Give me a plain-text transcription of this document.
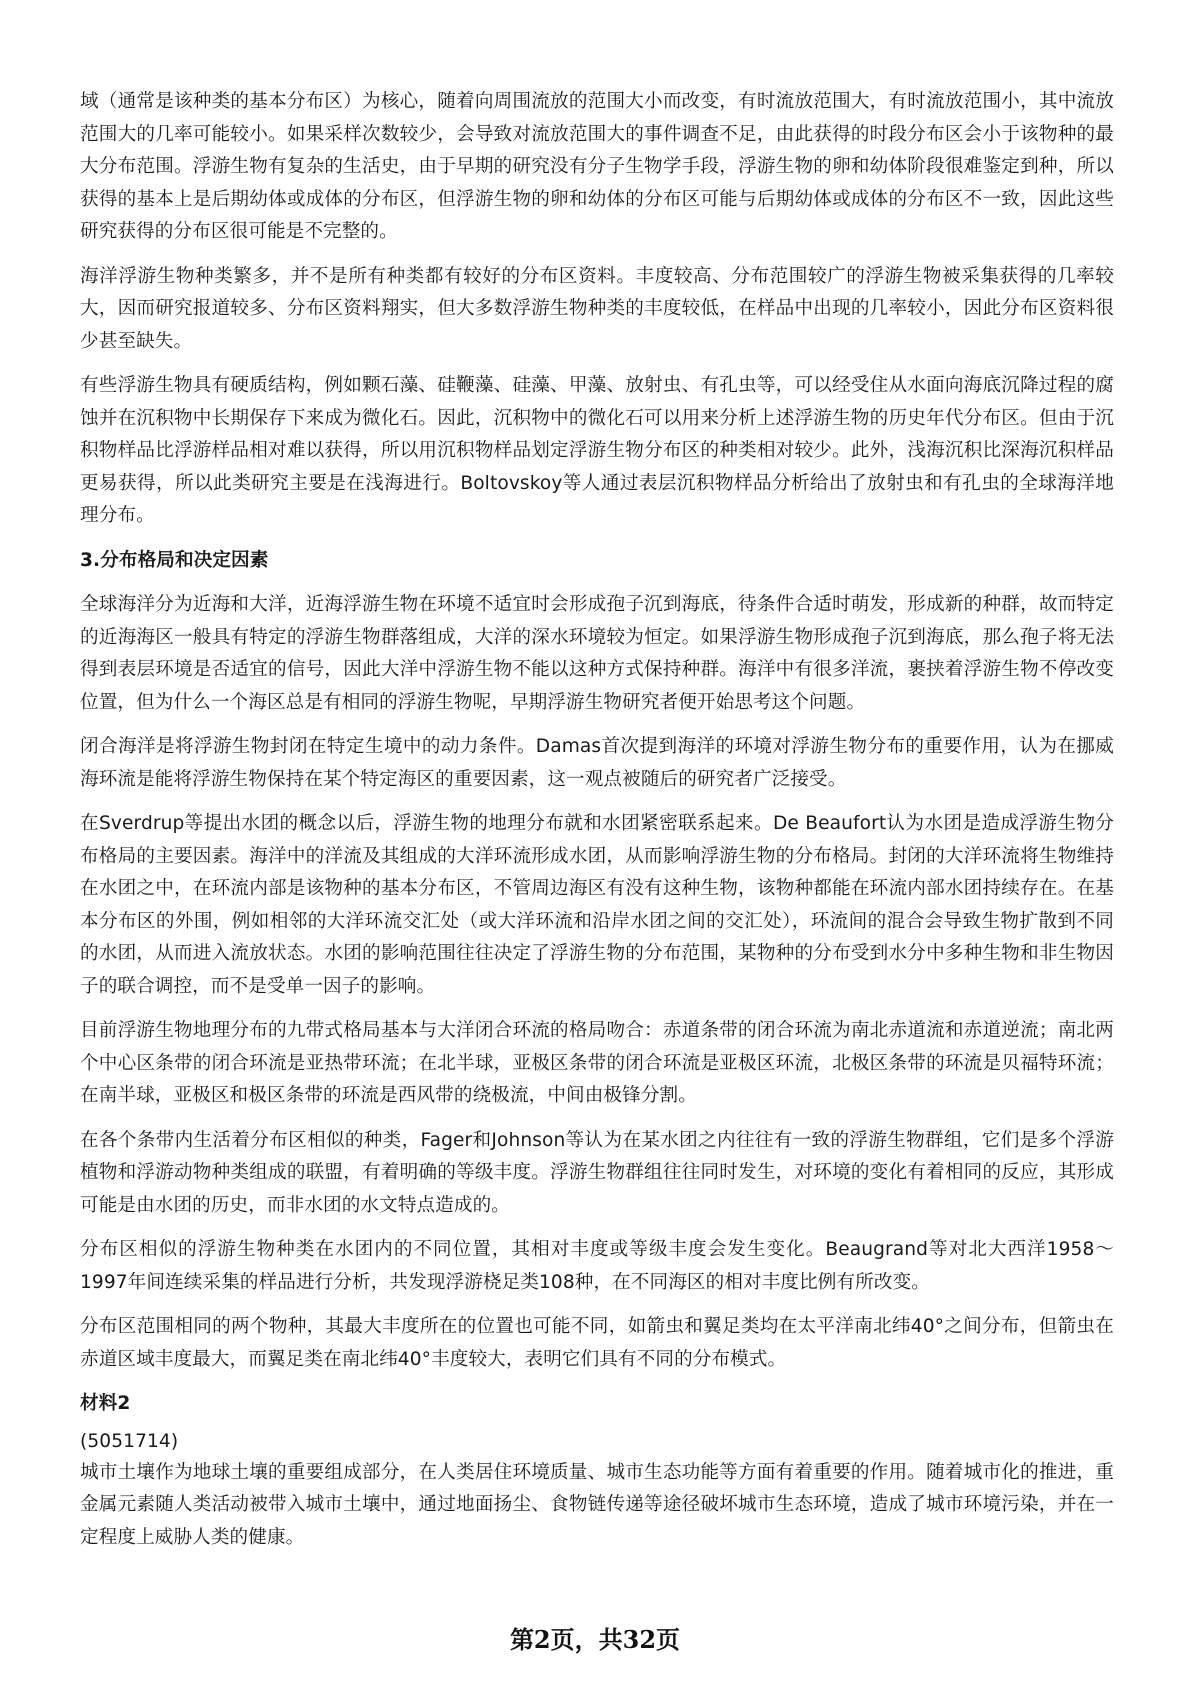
域（通常是该种类的基本分布区）为核心，随着向周围流放的范围大小而改变，有时流放范围大，有时流放范围小，其中流放范围大的几率可能较小。如果采样次数较少，会导致对流放范围大的事件调查不足，由此获得的时段分布区会小于该物种的最大分布范围。浮游生物有复杂的生活史，由于早期的研究没有分子生物学手段，浮游生物的卵和幼体阶段很难鉴定到种，所以获得的基本上是后期幼体或成体的分布区，但浮游生物的卵和幼体的分布区可能与后期幼体或成体的分布区不一致，因此这些研究获得的分布区很可能是不完整的。

海洋浮游生物种类繁多，并不是所有种类都有较好的分布区资料。丰度较高、分布范围较广的浮游生物被采集获得的几率较大，因而研究报道较多、分布区资料翔实，但大多数浮游生物种类的丰度较低，在样品中出现的几率较小，因此分布区资料很少甚至缺失。

有些浮游生物具有硬质结构，例如颗石藻、硅鞭藻、硅藻、甲藻、放射虫、有孔虫等，可以经受住从水面向海底沉降过程的腐蚀并在沉积物中长期保存下来成为微化石。因此，沉积物中的微化石可以用来分析上述浮游生物的历史年代分布区。但由于沉积物样品比浮游样品相对难以获得，所以用沉积物样品划定浮游生物分布区的种类相对较少。此外，浅海沉积比深海沉积样品更易获得，所以此类研究主要是在浅海进行。Boltovskoy等人通过表层沉积物样品分析给出了放射虫和有孔虫的全球海洋地理分布。

3.分布格局和决定因素

全球海洋分为近海和大洋，近海浮游生物在环境不适宜时会形成孢子沉到海底，待条件合适时萌发，形成新的种群，故而特定的近海海区一般具有特定的浮游生物群落组成，大洋的深水环境较为恒定。如果浮游生物形成孢子沉到海底，那么孢子将无法得到表层环境是否适宜的信号，因此大洋中浮游生物不能以这种方式保持种群。海洋中有很多洋流，裹挟着浮游生物不停改变位置，但为什么一个海区总是有相同的浮游生物呢，早期浮游生物研究者便开始思考这个问题。

闭合海洋是将浮游生物封闭在特定生境中的动力条件。Damas首次提到海洋的环境对浮游生物分布的重要作用，认为在挪威海环流是能将浮游生物保持在某个特定海区的重要因素，这一观点被随后的研究者广泛接受。

在Sverdrup等提出水团的概念以后，浮游生物的地理分布就和水团紧密联系起来。De Beaufort认为水团是造成浮游生物分布格局的主要因素。海洋中的洋流及其组成的大洋环流形成水团，从而影响浮游生物的分布格局。封闭的大洋环流将生物维持在水团之中，在环流内部是该物种的基本分布区，不管周边海区有没有这种生物，该物种都能在环流内部水团持续存在。在基本分布区的外围，例如相邻的大洋环流交汇处（或大洋环流和沿岸水团之间的交汇处），环流间的混合会导致生物扩散到不同的水团，从而进入流放状态。水团的影响范围往往决定了浮游生物的分布范围，某物种的分布受到水分中多种生物和非生物因子的联合调控，而不是受单一因子的影响。

目前浮游生物地理分布的九带式格局基本与大洋闭合环流的格局吻合：赤道条带的闭合环流为南北赤道流和赤道逆流；南北两个中心区条带的闭合环流是亚热带环流；在北半球，亚极区条带的闭合环流是亚极区环流，北极区条带的环流是贝福特环流；在南半球，亚极区和极区条带的环流是西风带的绕极流，中间由极锋分割。

在各个条带内生活着分布区相似的种类，Fager和Johnson等认为在某水团之内往往有一致的浮游生物群组，它们是多个浮游植物和浮游动物种类组成的联盟，有着明确的等级丰度。浮游生物群组往往同时发生，对环境的变化有着相同的反应，其形成可能是由水团的历史，而非水团的水文特点造成的。

分布区相似的浮游生物种类在水团内的不同位置，其相对丰度或等级丰度会发生变化。Beaugrand等对北大西洋1958～1997年间连续采集的样品进行分析，共发现浮游桡足类108种，在不同海区的相对丰度比例有所改变。

分布区范围相同的两个物种，其最大丰度所在的位置也可能不同，如箭虫和翼足类均在太平洋南北纬40°之间分布，但箭虫在赤道区域丰度最大，而翼足类在南北纬40°丰度较大，表明它们具有不同的分布模式。

材料2

(5051714)

城市土壤作为地球土壤的重要组成部分，在人类居住环境质量、城市生态功能等方面有着重要的作用。随着城市化的推进，重金属元素随人类活动被带入城市土壤中，通过地面扬尘、食物链传递等途径破坏城市生态环境，造成了城市环境污染，并在一定程度上威胁人类的健康。

第2页，共32页
